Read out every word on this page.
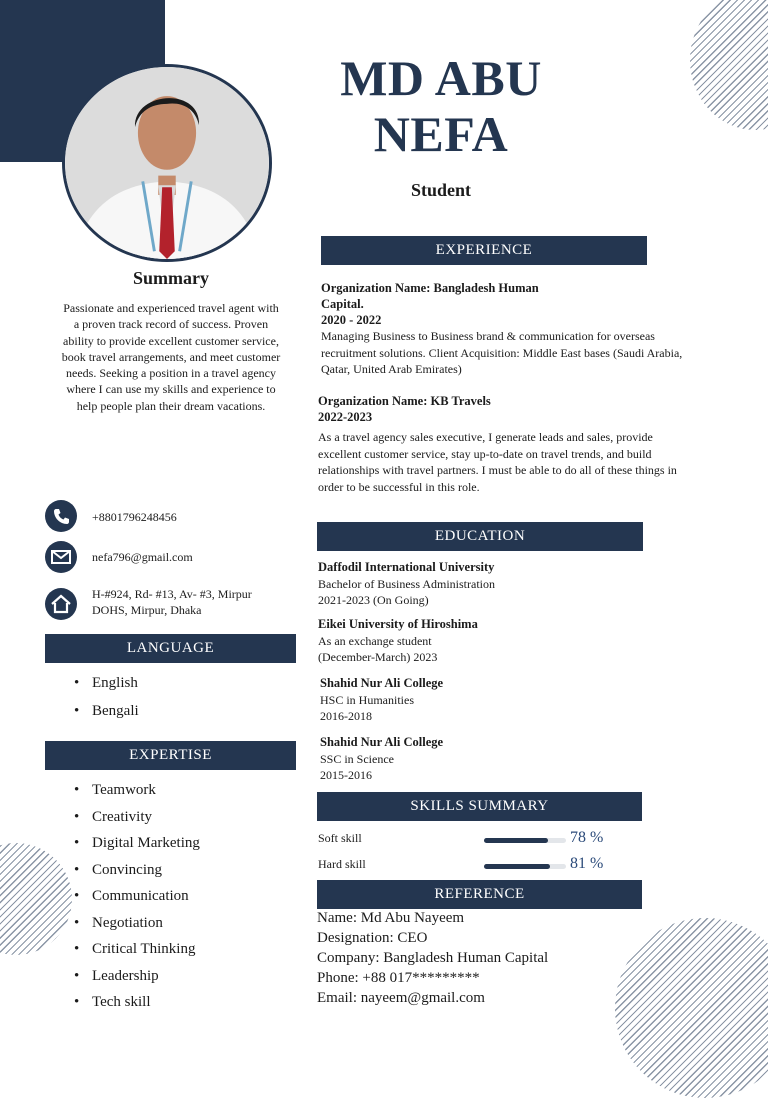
MD ABU
NEFA
Student
Summary
Passionate and experienced travel agent with a proven track record of success. Proven ability to provide excellent customer service, book travel arrangements, and meet customer needs. Seeking a position in a travel agency where I can use my skills and experience to help people plan their dream vacations.
+8801796248456
nefa796@gmail.com
H-#924, Rd- #13, Av- #3, Mirpur
DOHS, Mirpur, Dhaka
LANGUAGE
• English
• Bengali
EXPERTISE
• Teamwork
• Creativity
• Digital Marketing
• Convincing
• Communication
• Negotiation
• Critical Thinking
• Leadership
• Tech skill
EXPERIENCE
Organization Name: Bangladesh Human
Capital.
2020 - 2022
Managing Business to Business brand & communication for overseas recruitment solutions. Client Acquisition: Middle East bases (Saudi Arabia, Qatar, United Arab Emirates)
Organization Name: KB Travels
2022-2023
As a travel agency sales executive, I generate leads and sales, provide excellent customer service, stay up-to-date on travel trends, and build relationships with travel partners. I must be able to do all of these things in order to be successful in this role.
EDUCATION
Daffodil International University
Bachelor of Business Administration
2021-2023 (On Going)
Eikei University of Hiroshima
As an exchange student
(December-March) 2023
Shahid Nur Ali College
HSC in Humanities
2016-2018
Shahid Nur Ali College
SSC in Science
2015-2016
SKILLS SUMMARY
Soft skill	78 %
Hard skill	81 %
REFERENCE
Name: Md Abu Nayeem
Designation: CEO
Company: Bangladesh Human Capital
Phone: +88 017*********
Email: nayeem@gmail.com
